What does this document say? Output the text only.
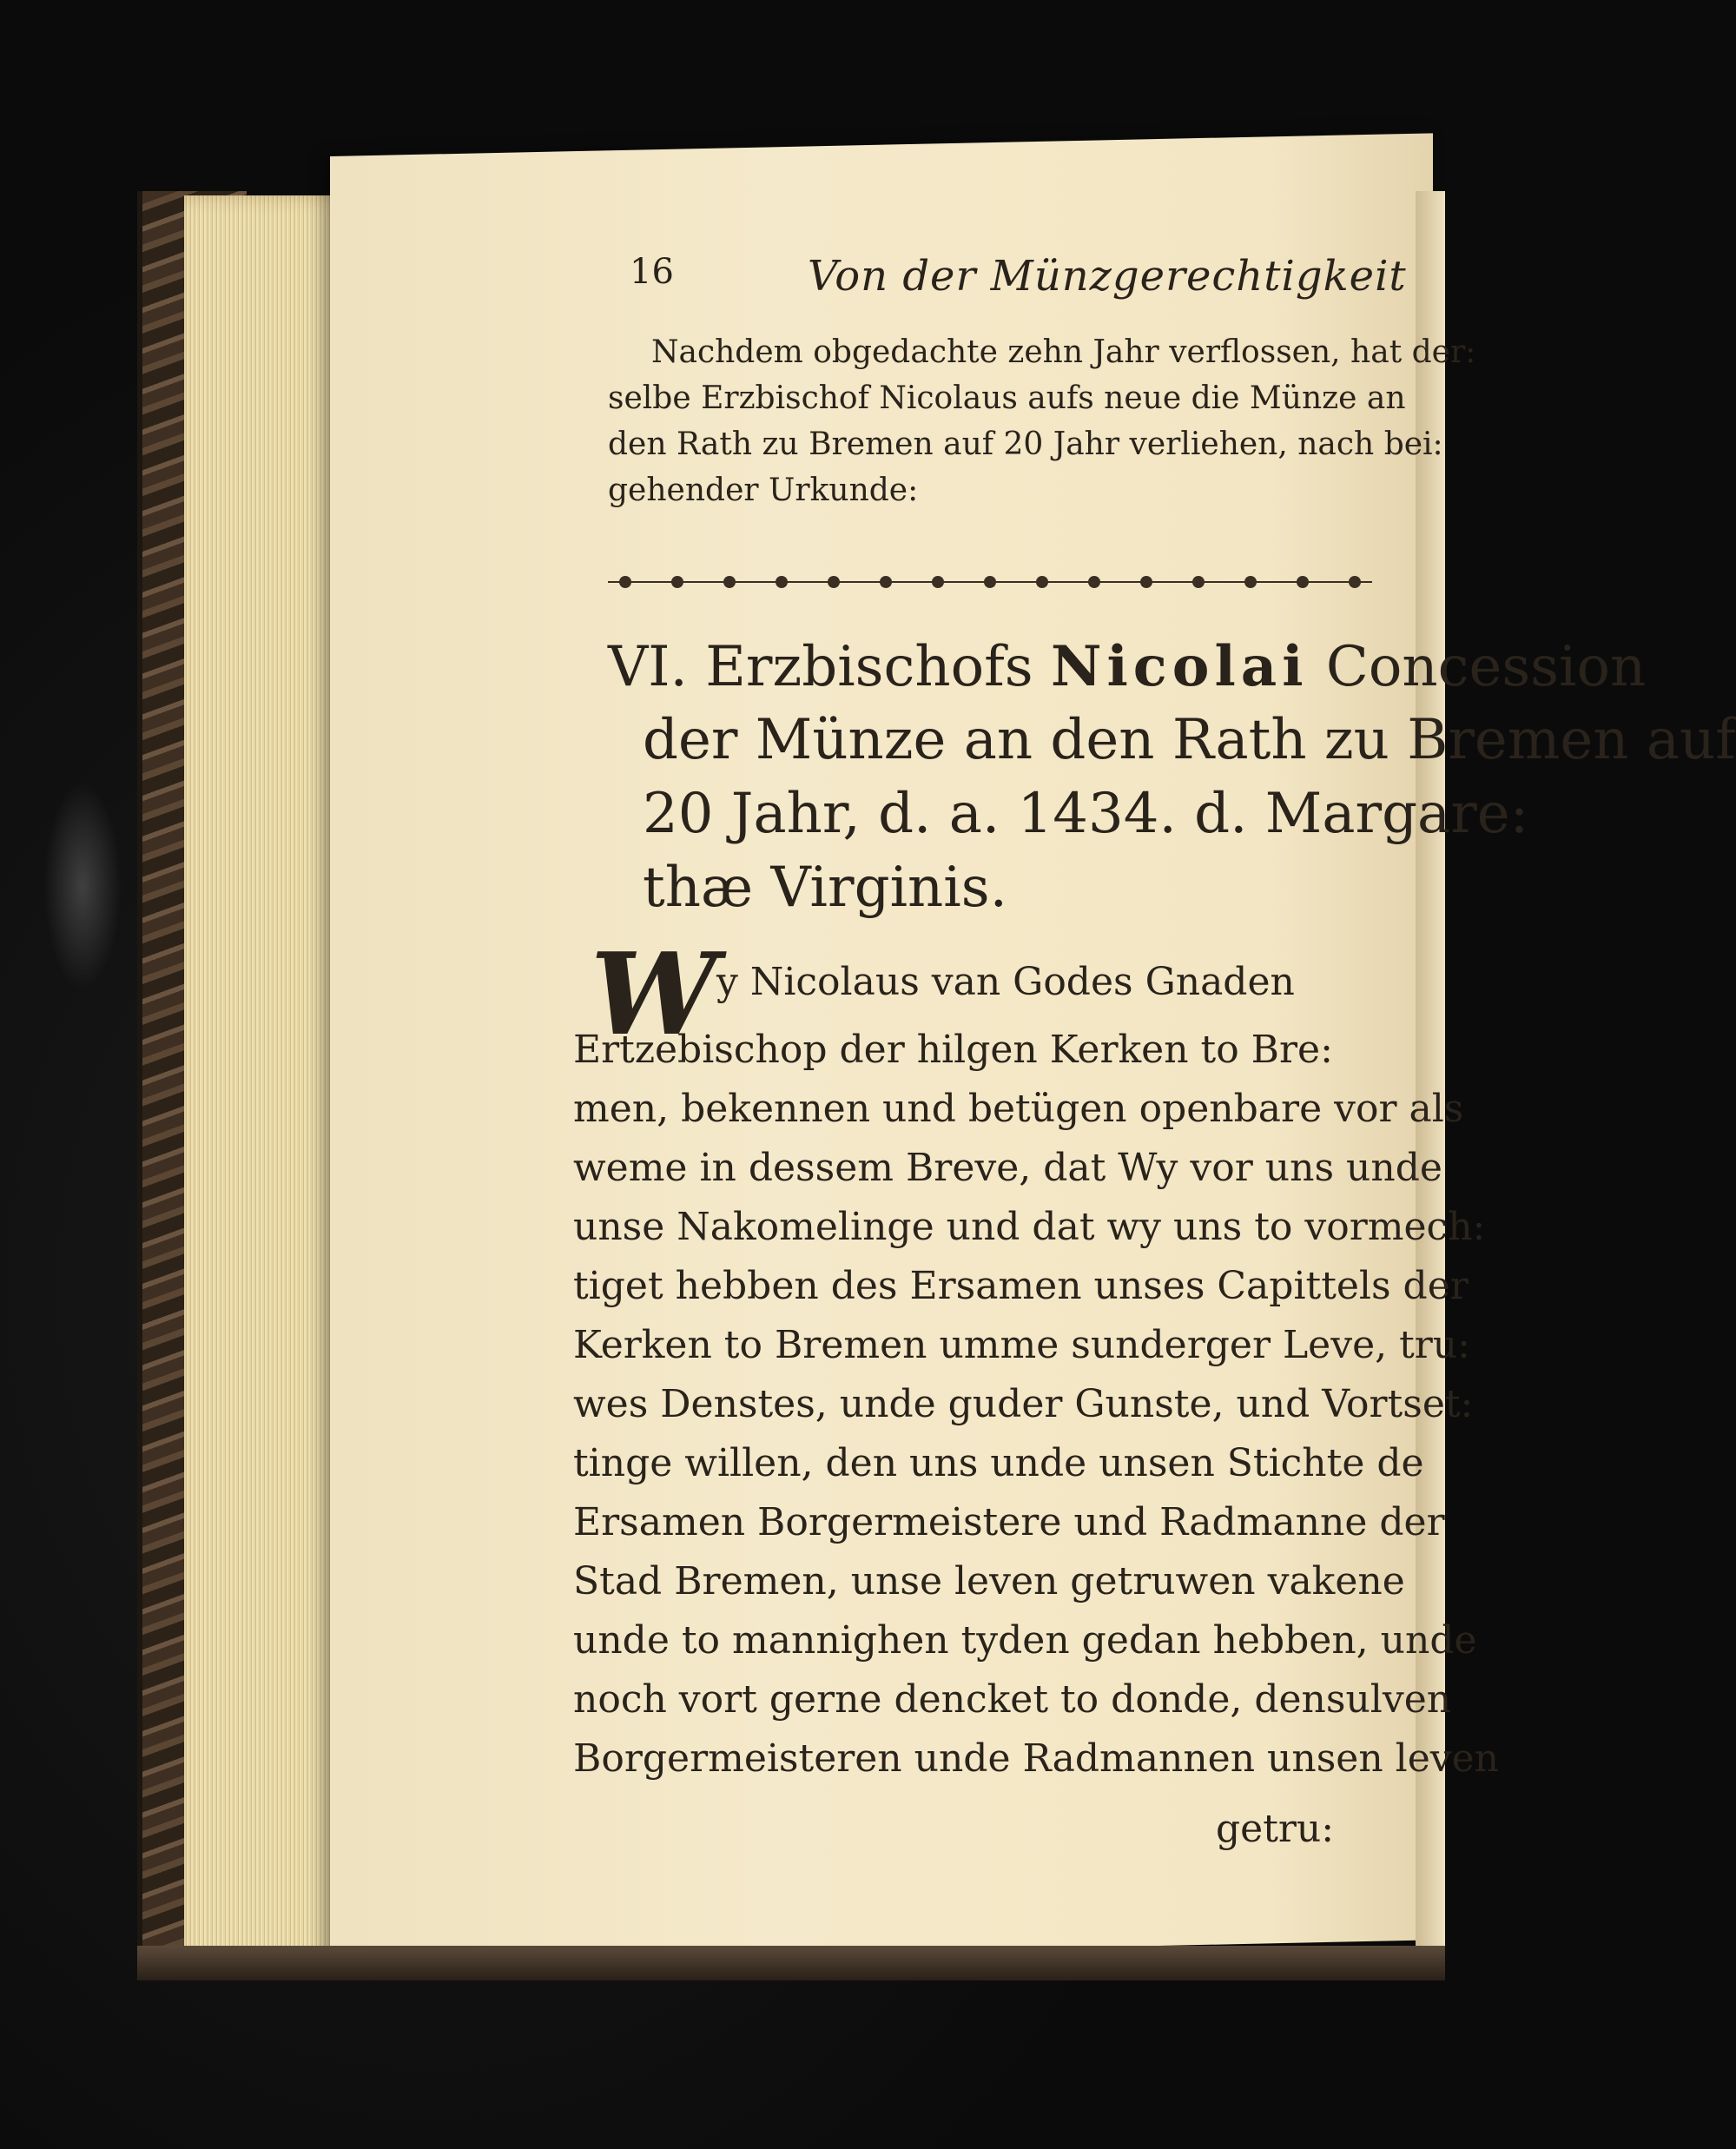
16	Von der Münzgerechtigkeit
Nachdem obgedachte zehn Jahr verflossen, hat der:
selbe Erzbischof Nicolaus aufs neue die Münze an
den Rath zu Bremen auf 20 Jahr verliehen, nach bei:
gehender Urkunde:
VI. Erzbischofs Nicolai Concession
der Münze an den Rath zu Bremen auf
20 Jahr, d. a. 1434. d. Margare:
thæ Virginis.
W y Nicolaus van Godes Gnaden
Ertzebischop der hilgen Kerken to Bre:
men, bekennen und betügen openbare vor als
weme in dessem Breve, dat Wy vor uns unde
unse Nakomelinge und dat wy uns to vormech:
tiget hebben des Ersamen unses Capittels der
Kerken to Bremen umme sunderger Leve, tru:
wes Denstes, unde guder Gunste, und Vortset:
tinge willen, den uns unde unsen Stichte de
Ersamen Borgermeistere und Radmanne der
Stad Bremen, unse leven getruwen vakene
unde to mannighen tyden gedan hebben, unde
noch vort gerne dencket to donde, densulven
Borgermeisteren unde Radmannen unsen leven
getru:
